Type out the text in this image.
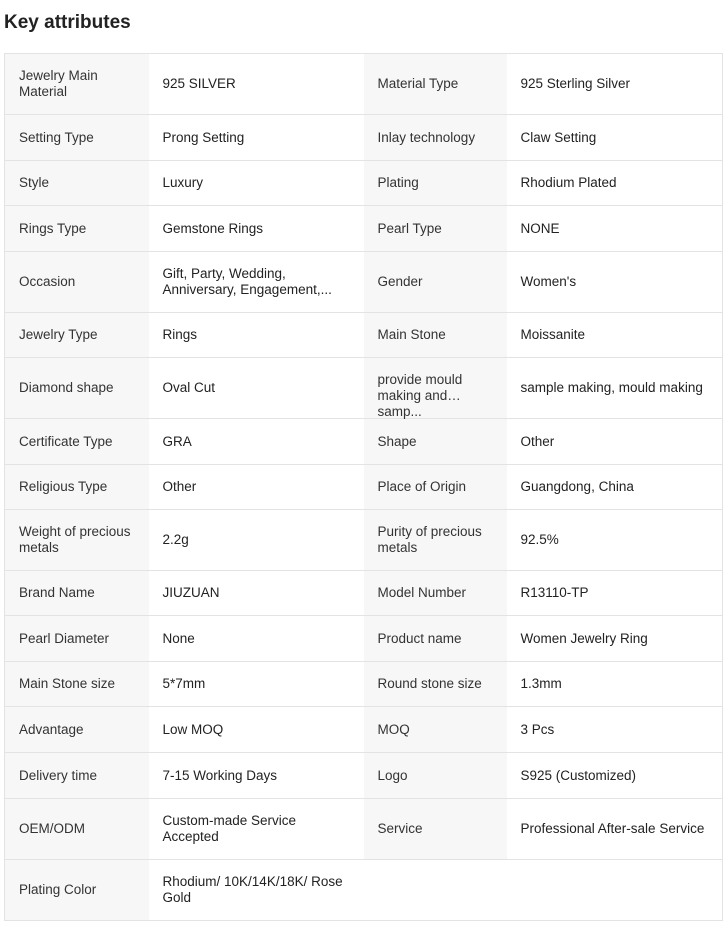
Key attributes
Jewelry Main Material	925 SILVER	Material Type	925 Sterling Silver

Setting Type	Prong Setting	Inlay technology	Claw Setting

Style	Luxury	Plating	Rhodium Plated

Rings Type	Gemstone Rings	Pearl Type	NONE

Occasion	Gift, Party, Wedding, Anniversary, Engagement,...	Gender	Women's

Jewelry Type	Rings	Main Stone	Moissanite

Diamond shape	Oval Cut	provide mould making and samp...	sample making, mould making

Certificate Type	GRA	Shape	Other

Religious Type	Other	Place of Origin	Guangdong, China

Weight of precious metals	2.2g	Purity of precious metals	92.5%

Brand Name	JIUZUAN	Model Number	R13110-TP

Pearl Diameter	None	Product name	Women Jewelry Ring

Main Stone size	5*7mm	Round stone size	1.3mm

Advantage	Low MOQ	MOQ	3 Pcs

Delivery time	7-15 Working Days	Logo	S925 (Customized)

OEM/ODM	Custom-made Service Accepted	Service	Professional After-sale Service

Plating Color	Rhodium/ 10K/14K/18K/ Rose Gold		
